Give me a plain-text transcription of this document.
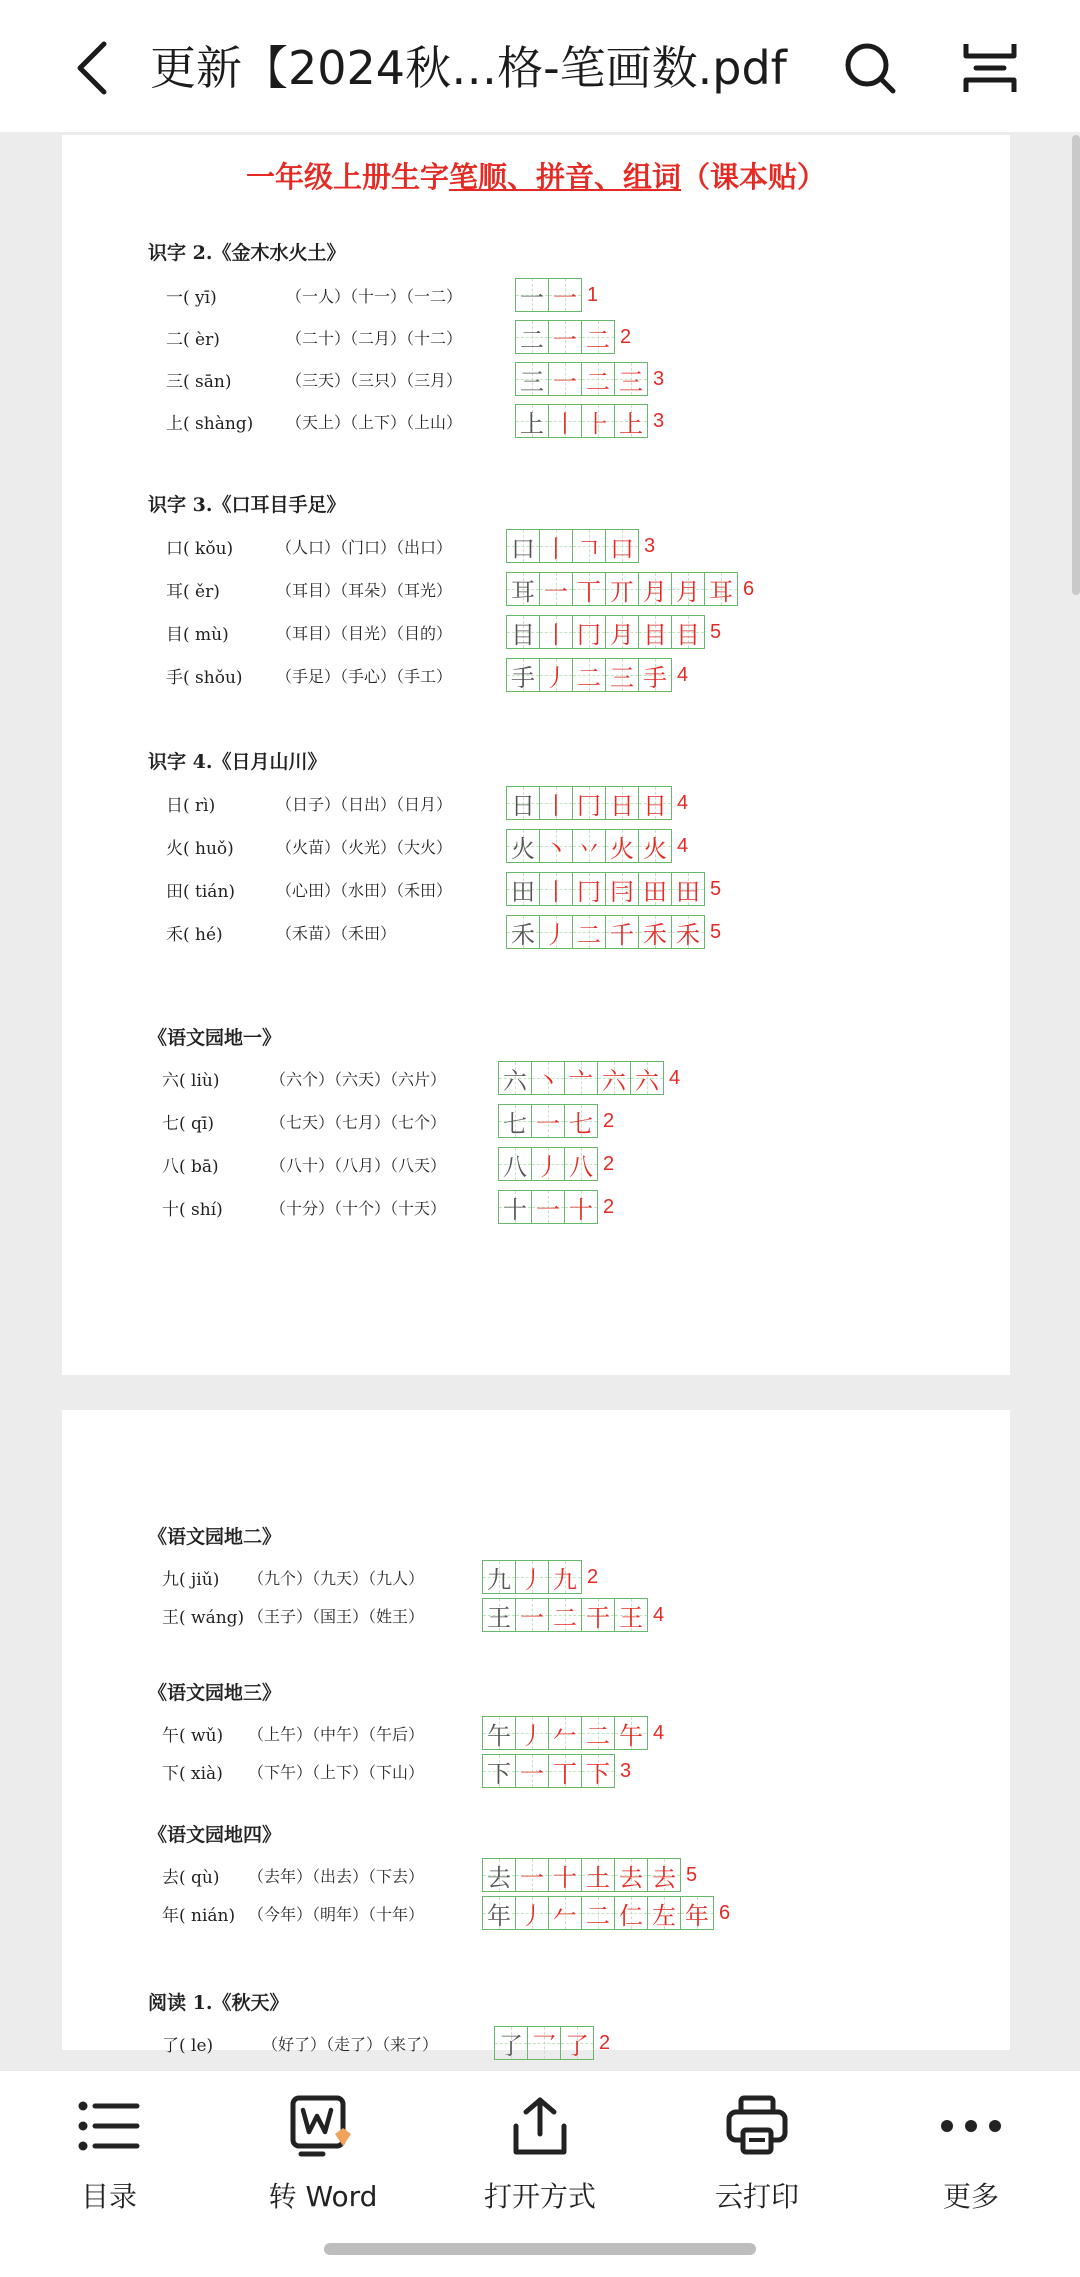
更新【2024秋…格-笔画数.pdf
一年级上册生字笔顺、拼音、组词（课本贴）
识字 2.《金木水火土》
一( yī)	（一人）（十一）（一二） 一 一 1
二( èr)	（二十）（二月）（十二） 二 一 二 2
三( sān)	（三天）（三只）（三月） 三 一 二 三 3
上( shàng)	（天上）（上下）（上山） 上 丨 ⺊ 上 3
识字 3.《口耳目手足》
口( kǒu)	（人口）（门口）（出口） 口 丨 𠃍 口 3
耳( ěr)	（耳目）（耳朵）（耳光） 耳 一 丅 丌 月 月 耳 6
目( mù)	（耳目）（目光）（目的） 目 丨 冂 月 目 目 5
手( shǒu)	（手足）（手心）（手工） 手 丿 二 三 手 4
识字 4.《日月山川》
日( rì)	（日子）（日出）（日月） 日 丨 冂 日 日 4
火( huǒ)	（火苗）（火光）（大火） 火 丶 丷 火 火 4
田( tián)	（心田）（水田）（禾田） 田 丨 冂 冃 田 田 5
禾( hé)	（禾苗）（禾田）	禾 丿 二 千 禾 禾 5
《语文园地一》
六( liù)	（六个）（六天）（六片） 六 丶 亠 六 六 4
七( qī)	（七天）（七月）（七个） 七 一 七 2
八( bā)	（八十）（八月）（八天） 八 丿 八 2
十( shí)	（十分）（十个）（十天） 十 一 十 2
《语文园地二》
九( jiǔ)	（九个）（九天）（九人）	九 丿 九 2
王( wáng) （王子）（国王）（姓王）	王 一 二 干 王 4
《语文园地三》
午( wǔ)	（上午）（中午）（午后）	午 丿 𠂉 二 午 4
下( xià)	（下午）（上下）（下山）	下 一 丅 下 3
《语文园地四》
去( qù)	（去年）（出去）（下去）	去 一 十 土 去 去 5
年( nián) （今年）（明年）（十年）	年 丿 𠂉 二 仁 左 年 6
阅读 1.《秋天》
了( le)	（好了）（走了）（来了）	了 乛 了 2
目录	转 Word	打开方式	云打印	更多
